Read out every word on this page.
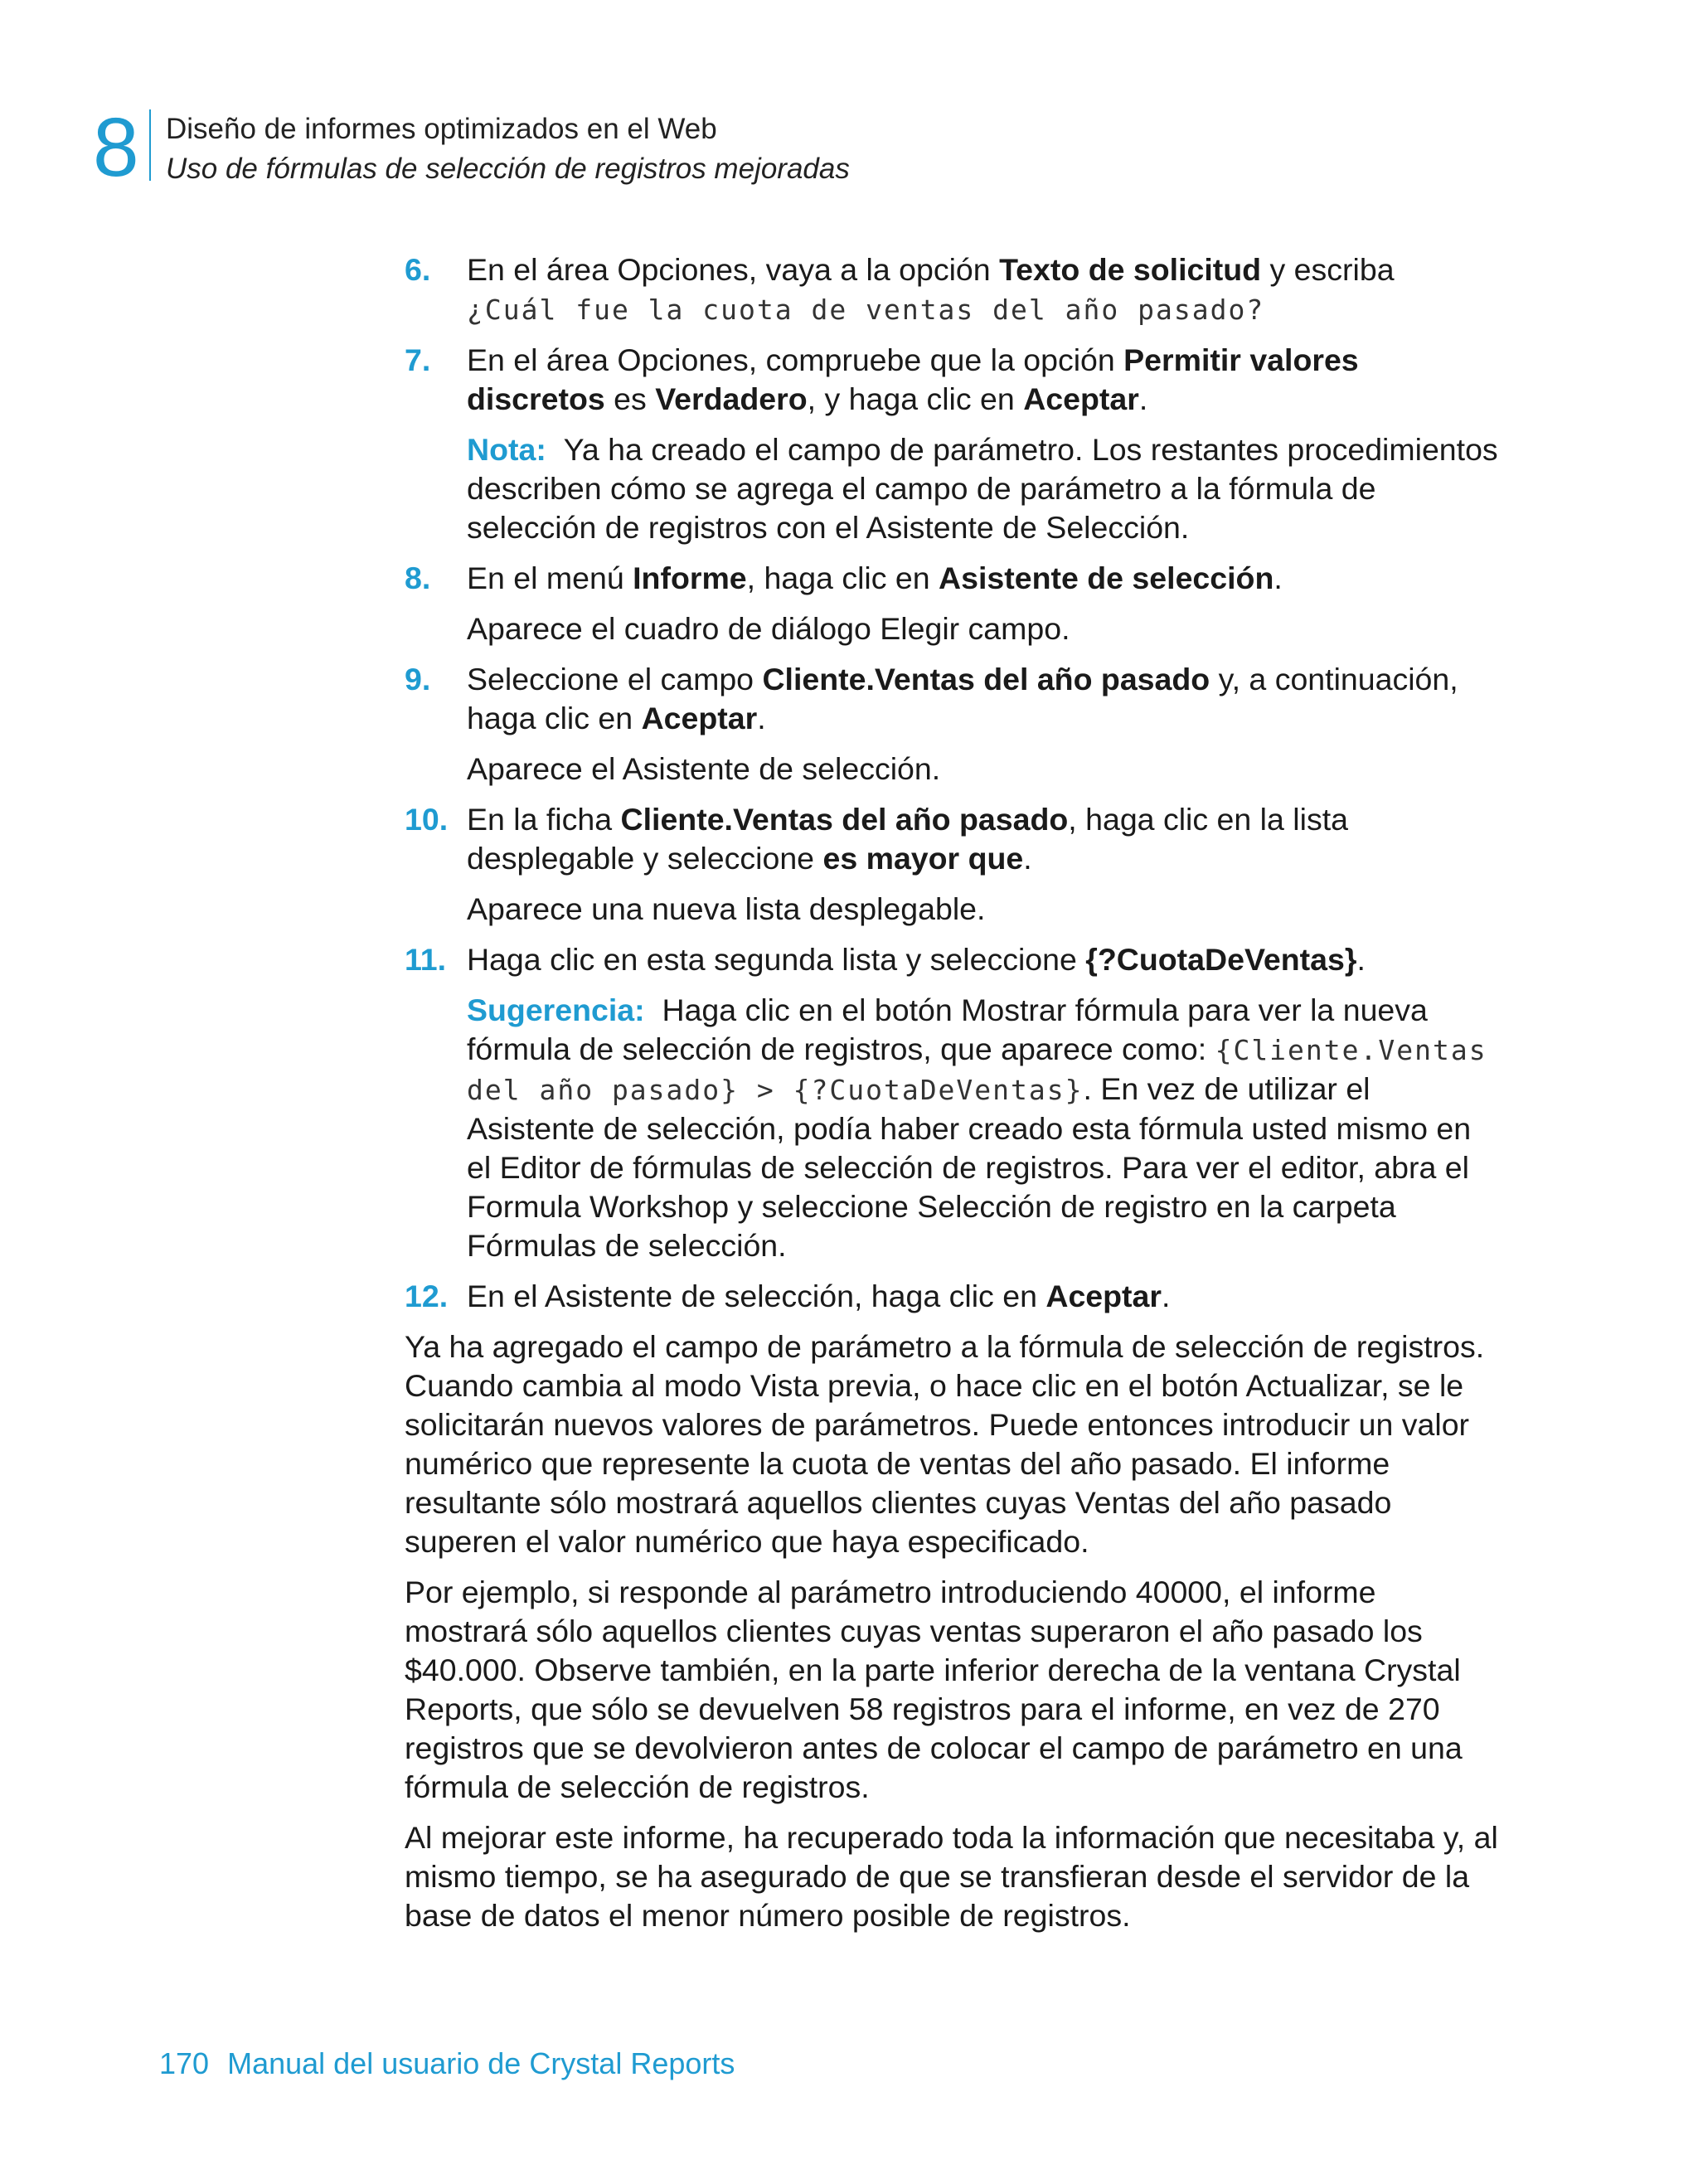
8 Diseño de informes optimizados en el Web
Uso de fórmulas de selección de registros mejoradas
6. En el área Opciones, vaya a la opción Texto de solicitud y escriba
¿Cuál fue la cuota de ventas del año pasado?
7. En el área Opciones, compruebe que la opción Permitir valores discretos es Verdadero, y haga clic en Aceptar.
Nota: Ya ha creado el campo de parámetro. Los restantes procedimientos describen cómo se agrega el campo de parámetro a la fórmula de selección de registros con el Asistente de Selección.
8. En el menú Informe, haga clic en Asistente de selección.
Aparece el cuadro de diálogo Elegir campo.
9. Seleccione el campo Cliente.Ventas del año pasado y, a continuación, haga clic en Aceptar.
Aparece el Asistente de selección.
10. En la ficha Cliente.Ventas del año pasado, haga clic en la lista desplegable y seleccione es mayor que.
Aparece una nueva lista desplegable.
11. Haga clic en esta segunda lista y seleccione {?CuotaDeVentas}.
Sugerencia: Haga clic en el botón Mostrar fórmula para ver la nueva fórmula de selección de registros, que aparece como: {Cliente.Ventas del año pasado} > {?CuotaDeVentas}. En vez de utilizar el Asistente de selección, podía haber creado esta fórmula usted mismo en el Editor de fórmulas de selección de registros. Para ver el editor, abra el Formula Workshop y seleccione Selección de registro en la carpeta Fórmulas de selección.
12. En el Asistente de selección, haga clic en Aceptar.

Ya ha agregado el campo de parámetro a la fórmula de selección de registros. Cuando cambia al modo Vista previa, o hace clic en el botón Actualizar, se le solicitarán nuevos valores de parámetros. Puede entonces introducir un valor numérico que represente la cuota de ventas del año pasado. El informe resultante sólo mostrará aquellos clientes cuyas Ventas del año pasado superen el valor numérico que haya especificado.

Por ejemplo, si responde al parámetro introduciendo 40000, el informe mostrará sólo aquellos clientes cuyas ventas superaron el año pasado los $40.000. Observe también, en la parte inferior derecha de la ventana Crystal Reports, que sólo se devuelven 58 registros para el informe, en vez de 270 registros que se devolvieron antes de colocar el campo de parámetro en una fórmula de selección de registros.

Al mejorar este informe, ha recuperado toda la información que necesitaba y, al mismo tiempo, se ha asegurado de que se transfieran desde el servidor de la base de datos el menor número posible de registros.

170 Manual del usuario de Crystal Reports
